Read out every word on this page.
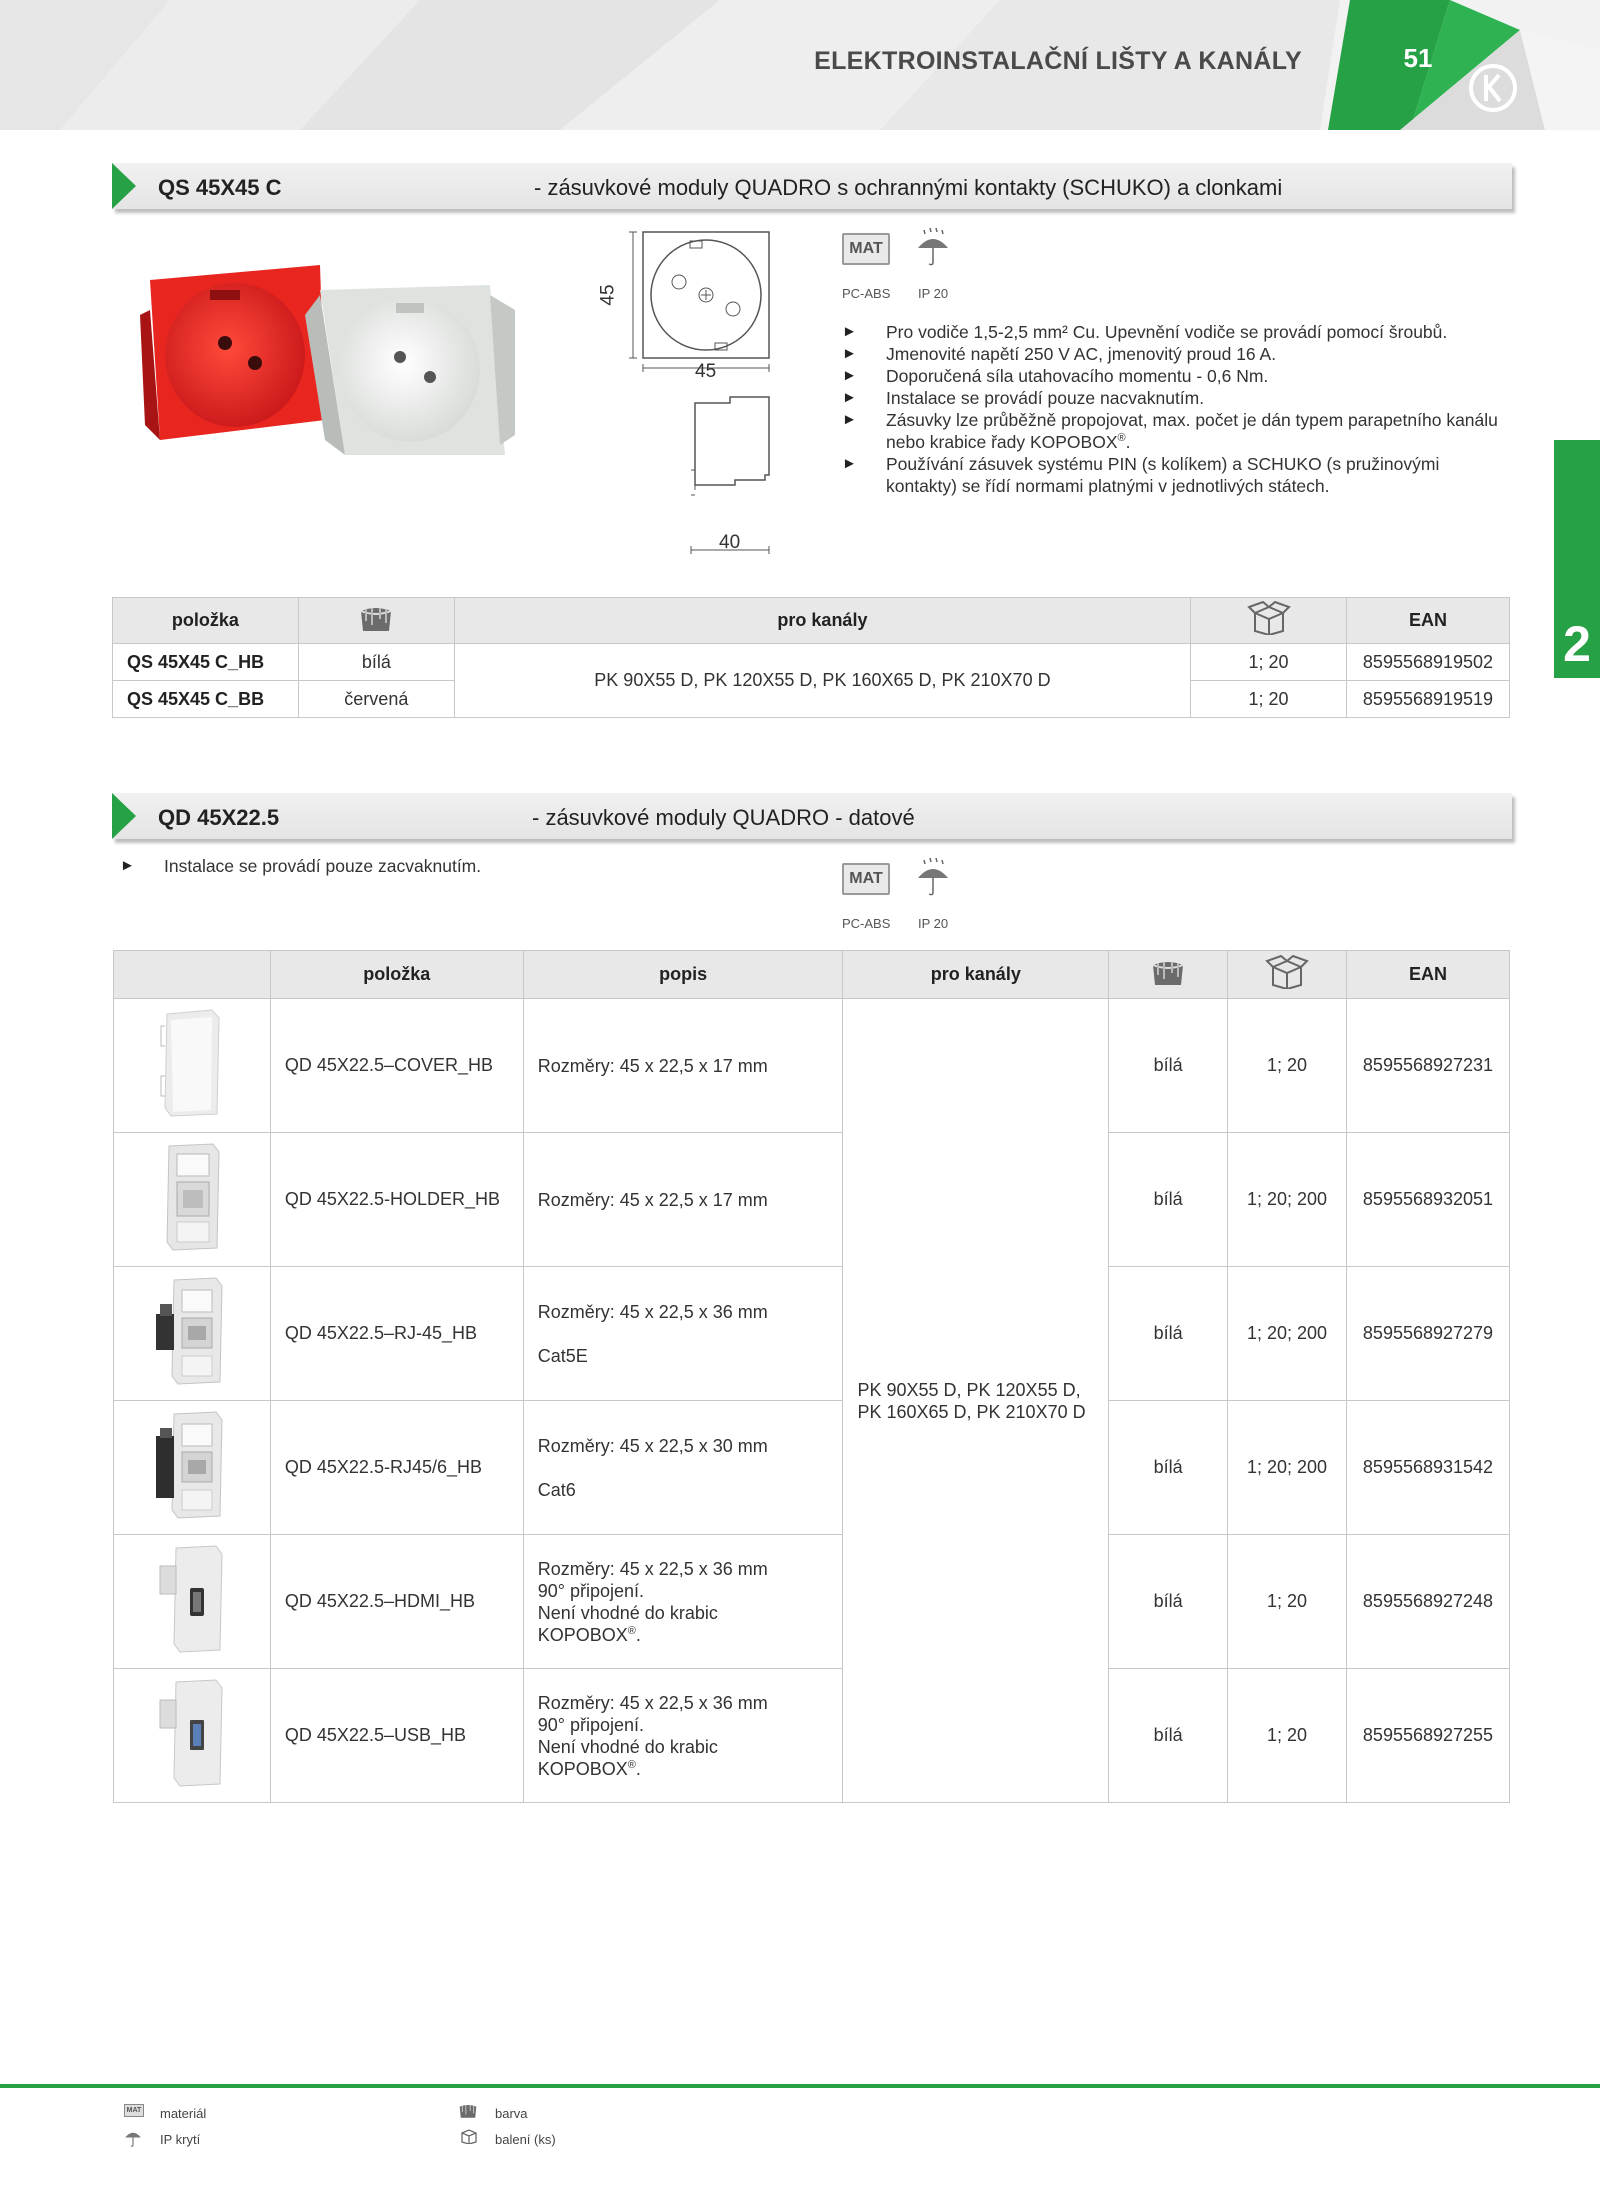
ELEKTROINSTALAČNÍ LIŠTY A KANÁLY	51
2
QS 45X45 C	- zásuvkové moduly QUADRO s ochrannými kontakty (SCHUKO) a clonkami
45
45
40
MAT
PC-ABS IP 20
► Pro vodiče 1,5-2,5 mm² Cu. Upevnění vodiče se provádí pomocí šroubů.
► Jmenovité napětí 250 V AC, jmenovitý proud 16 A.
► Doporučená síla utahovacího momentu - 0,6 Nm.
► Instalace se provádí pouze nacvaknutím.
► Zásuvky lze průběžně propojovat, max. počet je dán typem parapetního kanálu nebo krabice řady KOPOBOX®.
► Používání zásuvek systému PIN (s kolíkem) a SCHUKO (s pružinovými kontakty) se řídí normami platnými v jednotlivých státech.
položka		pro kanály		EAN
QS 45X45 C_HB	bílá	PK 90X55 D, PK 120X55 D, PK 160X65 D, PK 210X70 D	1; 20	8595568919502
QS 45X45 C_BB	červená		1; 20	8595568919519
QD 45X22.5	- zásuvkové moduly QUADRO - datové
► Instalace se provádí pouze zacvaknutím.
MAT
PC-ABS IP 20
	položka	popis	pro kanály			EAN
	QD 45X22.5–COVER_HB	Rozměry: 45 x 22,5 x 17 mm	PK 90X55 D, PK 120X55 D,
PK 160X65 D, PK 210X70 D	bílá	1; 20	8595568927231
	QD 45X22.5-HOLDER_HB	Rozměry: 45 x 22,5 x 17 mm		bílá	1; 20; 200	8595568932051
	QD 45X22.5–RJ-45_HB	Rozměry: 45 x 22,5 x 36 mm

Cat5E		bílá	1; 20; 200	8595568927279
	QD 45X22.5-RJ45/6_HB	Rozměry: 45 x 22,5 x 30 mm

Cat6		bílá	1; 20; 200	8595568931542
	QD 45X22.5–HDMI_HB	Rozměry: 45 x 22,5 x 36 mm
90° připojení.
Není vhodné do krabic
KOPOBOX®.		bílá	1; 20	8595568927248
	QD 45X22.5–USB_HB	Rozměry: 45 x 22,5 x 36 mm
90° připojení.
Není vhodné do krabic
KOPOBOX®.		bílá	1; 20	8595568927255
MAT materiál
IP krytí
barva
balení (ks)
